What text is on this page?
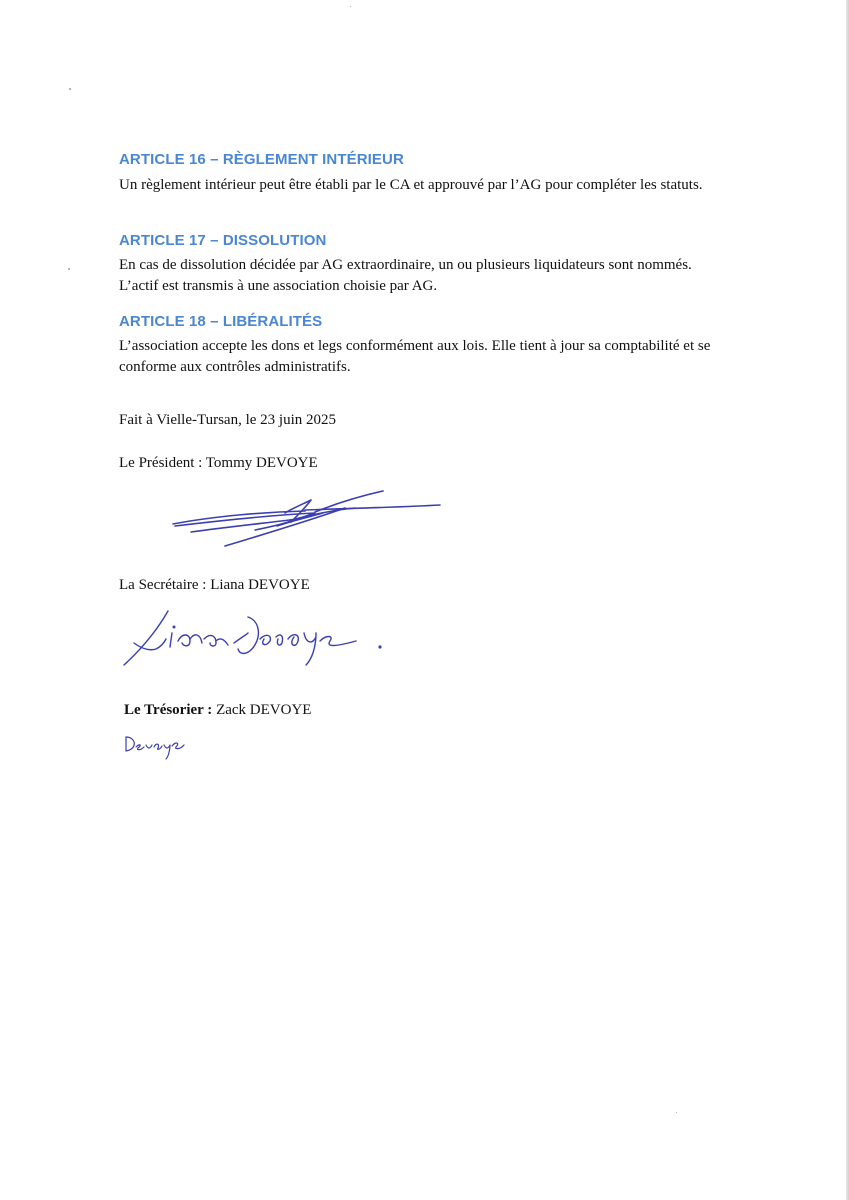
ARTICLE 16 – RÈGLEMENT INTÉRIEUR

Un règlement intérieur peut être établi par le CA et approuvé par l’AG pour compléter les statuts.

ARTICLE 17 – DISSOLUTION

En cas de dissolution décidée par AG extraordinaire, un ou plusieurs liquidateurs sont nommés. L’actif est transmis à une association choisie par AG.

ARTICLE 18 – LIBÉRALITÉS

L’association accepte les dons et legs conformément aux lois. Elle tient à jour sa comptabilité et se conforme aux contrôles administratifs.

Fait à Vielle-Tursan, le 23 juin 2025

Le Président : Tommy DEVOYE

La Secrétaire : Liana DEVOYE

Le Trésorier : Zack DEVOYE
